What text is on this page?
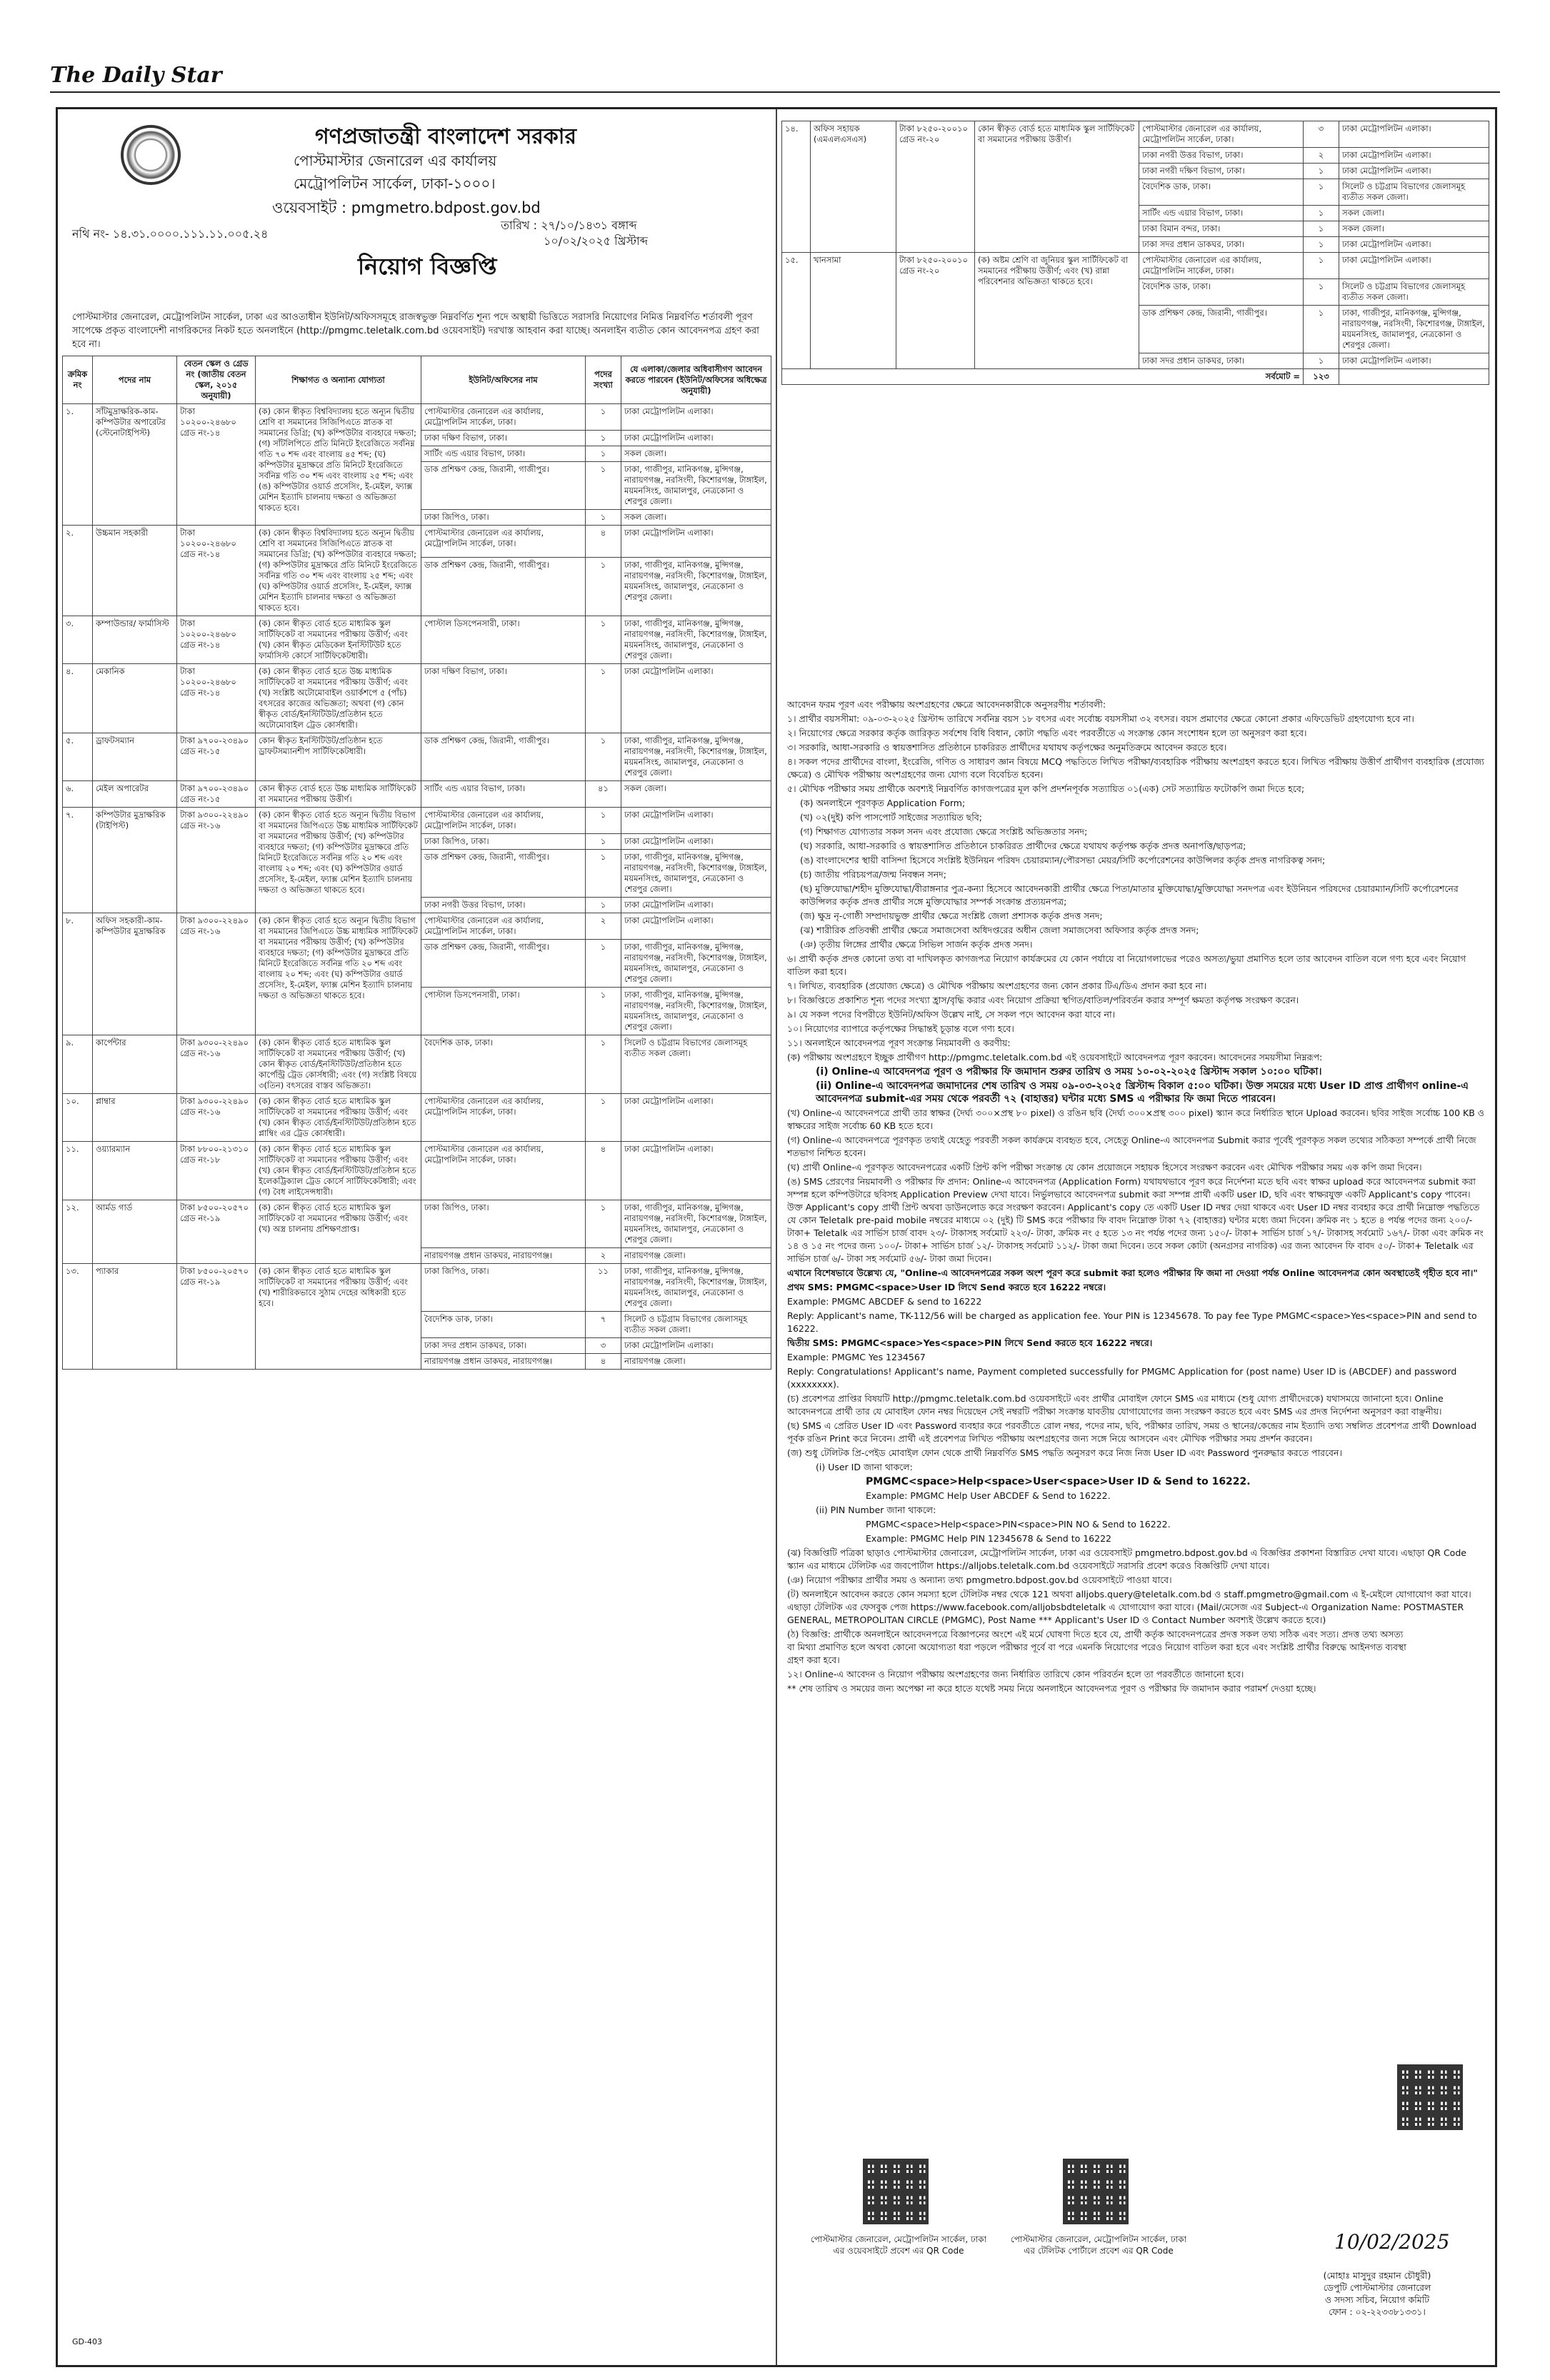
The Daily Star
গণপ্রজাতন্ত্রী বাংলাদেশ সরকার
পোস্টমাস্টার জেনারেল এর কার্যালয়
মেট্রোপলিটন সার্কেল, ঢাকা-১০০০।
ওয়েবসাইট : pmgmetro.bdpost.gov.bd
নথি নং- ১৪.৩১.০০০০.১১১.১১.০০৫.২৪
তারিখ : ২৭/১০/১৪৩১ বঙ্গাব্দ
১০/০২/২০২৫ খ্রিস্টাব্দ
নিয়োগ বিজ্ঞপ্তি
পোস্টমাস্টার জেনারেল, মেট্রোপলিটন সার্কেল, ঢাকা এর আওতাধীন ইউনিট/অফিসসমূহে রাজস্বভুক্ত নিম্নবর্ণিত শূন্য পদে অস্থায়ী ভিত্তিতে সরাসরি নিয়োগের নিমিত্ত নিম্নবর্ণিত শর্তাবলী পূরণ সাপেক্ষে প্রকৃত বাংলাদেশী নাগরিকদের নিকট হতে অনলাইনে (http://pmgmc.teletalk.com.bd ওয়েবসাইট) দরখাস্ত আহবান করা যাচ্ছে। অনলাইন ব্যতীত কোন আবেদনপত্র গ্রহণ করা হবে না।
ক্রমিক নং	পদের নাম	বেতন স্কেল ও গ্রেড নং (জাতীয় বেতন স্কেল, ২০১৫ অনুযায়ী)	শিক্ষাগত ও অন্যান্য যোগ্যতা	ইউনিট/অফিসের নাম	পদের সংখ্যা	যে এলাকা/জেলার অধিবাসীগণ আবেদন করতে পারবেন (ইউনিট/অফিসের অধিক্ষেত্র অনুযায়ী)
১.	সাঁটমুদ্রাক্ষরিক-কাম-কম্পিউটার অপারেটর (স্টেনোটাইপিস্ট)	টাকা ১০২০০-২৪৬৮০ গ্রেড নং-১৪	(ক) কোন স্বীকৃত বিশ্ববিদ্যালয় হতে অন্যূন দ্বিতীয় শ্রেণি বা সমমানের সিজিপিএতে স্নাতক বা সমমানের ডিগ্রি; (খ) কম্পিউটার ব্যবহারে দক্ষতা; (গ) সাঁটলিপিতে প্রতি মিনিটে ইংরেজিতে সর্বনিম্ন গতি ৭০ শব্দ এবং বাংলায় ৪৫ শব্দ; (ঘ) কম্পিউটার মুদ্রাক্ষরে প্রতি মিনিটে ইংরেজিতে সর্বনিম্ন গতি ৩০ শব্দ এবং বাংলায় ২৫ শব্দ; এবং (ঙ) কম্পিউটার ওয়ার্ড প্রসেসিং, ই-মেইল, ফ্যাক্স মেশিন ইত্যাদি চালনায় দক্ষতা ও অভিজ্ঞতা থাকতে হবে।	পোস্টমাস্টার জেনারেল এর কার্যালয়, মেট্রোপলিটন সার্কেল, ঢাকা।	১	ঢাকা মেট্রোপলিটন এলাকা।
				ঢাকা দক্ষিণ বিভাগ, ঢাকা।	১	ঢাকা মেট্রোপলিটন এলাকা।
				সার্টিং এন্ড এয়ার বিভাগ, ঢাকা।	১	সকল জেলা।
				ডাক প্রশিক্ষণ কেন্দ্র, জিরানী, গাজীপুর।	১	ঢাকা, গাজীপুর, মানিকগঞ্জ, মুন্সিগঞ্জ, নারায়ণগঞ্জ, নরসিংদী, কিশোরগঞ্জ, টাঙ্গাইল, ময়মনসিংহ, জামালপুর, নেত্রকোনা ও শেরপুর জেলা।
				ঢাকা জিপিও, ঢাকা।	১	সকল জেলা।
২.	উচ্চমান সহকারী	টাকা ১০২০০-২৪৬৮০ গ্রেড নং-১৪	(ক) কোন স্বীকৃত বিশ্ববিদ্যালয় হতে অন্যূন দ্বিতীয় শ্রেণি বা সমমানের সিজিপিএতে স্নাতক বা সমমানের ডিগ্রি; (খ) কম্পিউটার ব্যবহারে দক্ষতা; (গ) কম্পিউটার মুদ্রাক্ষরে প্রতি মিনিটে ইংরেজিতে সর্বনিম্ন গতি ৩০ শব্দ এবং বাংলায় ২৫ শব্দ; এবং (ঘ) কম্পিউটার ওয়ার্ড প্রসেসিং, ই-মেইল, ফ্যাক্স মেশিন ইত্যাদি চালনার দক্ষতা ও অভিজ্ঞতা থাকতে হবে।	পোস্টমাস্টার জেনারেল এর কার্যালয়, মেট্রোপলিটন সার্কেল, ঢাকা।	৪	ঢাকা মেট্রোপলিটন এলাকা।
				ডাক প্রশিক্ষণ কেন্দ্র, জিরানী, গাজীপুর।	১	ঢাকা, গাজীপুর, মানিকগঞ্জ, মুন্সিগঞ্জ, নারায়ণগঞ্জ, নরসিংদী, কিশোরগঞ্জ, টাঙ্গাইল, ময়মনসিংহ, জামালপুর, নেত্রকোনা ও শেরপুর জেলা।
৩.	কম্পাউন্ডার/ ফার্মাসিস্ট	টাকা ১০২০০-২৪৬৮০ গ্রেড নং-১৪	(ক) কোন স্বীকৃত বোর্ড হতে মাধ্যমিক স্কুল সার্টিফিকেট বা সমমানের পরীক্ষায় উত্তীর্ণ; এবং (খ) কোন স্বীকৃত মেডিকেল ইনস্টিটিউট হতে ফার্মাসিস্ট কোর্সে সার্টিফিকেটধারী।	পোস্টাল ডিসপেনসারী, ঢাকা।	১	ঢাকা, গাজীপুর, মানিকগঞ্জ, মুন্সিগঞ্জ, নারায়ণগঞ্জ, নরসিংদী, কিশোরগঞ্জ, টাঙ্গাইল, ময়মনসিংহ, জামালপুর, নেত্রকোনা ও শেরপুর জেলা।
৪.	মেকানিক	টাকা ১০২০০-২৪৬৮০ গ্রেড নং-১৪	(ক) কোন স্বীকৃত বোর্ড হতে উচ্চ মাধ্যমিক সার্টিফিকেট বা সমমানের পরীক্ষায় উত্তীর্ণ; এবং (খ) সংশ্লিষ্ট অটোমোবাইল ওয়ার্কশপে ৫ (পাঁচ) বৎসরের কাজের অভিজ্ঞতা; অথবা (গ) কোন স্বীকৃত বোর্ড/ইনস্টিটিউট/প্রতিষ্ঠান হতে অটোমোবাইল ট্রেড কোর্সধারী।	ঢাকা দক্ষিণ বিভাগ, ঢাকা।	১	ঢাকা মেট্রোপলিটন এলাকা।
৫.	ড্রাফটসম্যান	টাকা ৯৭০০-২৩৪৯০ গ্রেড নং-১৫	কোন স্বীকৃত ইনস্টিটিউট/প্রতিষ্ঠান হতে ড্রাফটসম্যানশীপ সার্টিফিকেটধারী।	ডাক প্রশিক্ষণ কেন্দ্র, জিরানী, গাজীপুর।	১	ঢাকা, গাজীপুর, মানিকগঞ্জ, মুন্সিগঞ্জ, নারায়ণগঞ্জ, নরসিংদী, কিশোরগঞ্জ, টাঙ্গাইল, ময়মনসিংহ, জামালপুর, নেত্রকোনা ও শেরপুর জেলা।
৬.	মেইল অপারেটর	টাকা ৯৭০০-২৩৪৯০ গ্রেড নং-১৫	কোন স্বীকৃত বোর্ড হতে উচ্চ মাধ্যমিক সার্টিফিকেট বা সমমানের পরীক্ষায় উত্তীর্ণ।	সার্টিং এন্ড এয়ার বিভাগ, ঢাকা।	৪১	সকল জেলা।
৭.	কম্পিউটার মুদ্রাক্ষরিক (টাইপিস্ট)	টাকা ৯৩০০-২২৪৯০ গ্রেড নং-১৬	(ক) কোন স্বীকৃত বোর্ড হতে অন্যূন দ্বিতীয় বিভাগ বা সমমানের জিপিএতে উচ্চ মাধ্যমিক সার্টিফিকেট বা সমমানের পরীক্ষায় উত্তীর্ণ; (খ) কম্পিউটার ব্যবহারে দক্ষতা; (গ) কম্পিউটার মুদ্রাক্ষরে প্রতি মিনিটে ইংরেজিতে সর্বনিম্ন গতি ২০ শব্দ এবং বাংলায় ২০ শব্দ; এবং (ঘ) কম্পিউটার ওয়ার্ড প্রসেসিং, ই-মেইল, ফ্যাক্স মেশিন ইত্যাদি চালনায় দক্ষতা ও অভিজ্ঞতা থাকতে হবে।	পোস্টমাস্টার জেনারেল এর কার্যালয়, মেট্রোপলিটন সার্কেল, ঢাকা।	১	ঢাকা মেট্রোপলিটন এলাকা।
				ঢাকা জিপিও, ঢাকা।	১	ঢাকা মেট্রোপলিটন এলাকা।
				ডাক প্রশিক্ষণ কেন্দ্র, জিরানী, গাজীপুর।	১	ঢাকা, গাজীপুর, মানিকগঞ্জ, মুন্সিগঞ্জ, নারায়ণগঞ্জ, নরসিংদী, কিশোরগঞ্জ, টাঙ্গাইল, ময়মনসিংহ, জামালপুর, নেত্রকোনা ও শেরপুর জেলা।
				ঢাকা নগরী উত্তর বিভাগ, ঢাকা।	১	ঢাকা মেট্রোপলিটন এলাকা।
৮.	অফিস সহকারী-কাম-কম্পিউটার মুদ্রাক্ষরিক	টাকা ৯৩০০-২২৪৯০ গ্রেড নং-১৬	(ক) কোন স্বীকৃত বোর্ড হতে অন্যূন দ্বিতীয় বিভাগ বা সমমানের জিপিএতে উচ্চ মাধ্যমিক সার্টিফিকেট বা সমমানের পরীক্ষায় উত্তীর্ণ; (খ) কম্পিউটার ব্যবহারে দক্ষতা; (গ) কম্পিউটার মুদ্রাক্ষরে প্রতি মিনিটে ইংরেজিতে সর্বনিম্ন গতি ২০ শব্দ এবং বাংলায় ২০ শব্দ; এবং (ঘ) কম্পিউটার ওয়ার্ড প্রসেসিং, ই-মেইল, ফ্যাক্স মেশিন ইত্যাদি চালনায় দক্ষতা ও অভিজ্ঞতা থাকতে হবে।	পোস্টমাস্টার জেনারেল এর কার্যালয়, মেট্রোপলিটন সার্কেল, ঢাকা।	২	ঢাকা মেট্রোপলিটন এলাকা।
				ডাক প্রশিক্ষণ কেন্দ্র, জিরানী, গাজীপুর।	১	ঢাকা, গাজীপুর, মানিকগঞ্জ, মুন্সিগঞ্জ, নারায়ণগঞ্জ, নরসিংদী, কিশোরগঞ্জ, টাঙ্গাইল, ময়মনসিংহ, জামালপুর, নেত্রকোনা ও শেরপুর জেলা।
				পোস্টাল ডিসপেনসারী, ঢাকা।	১	ঢাকা, গাজীপুর, মানিকগঞ্জ, মুন্সিগঞ্জ, নারায়ণগঞ্জ, নরসিংদী, কিশোরগঞ্জ, টাঙ্গাইল, ময়মনসিংহ, জামালপুর, নেত্রকোনা ও শেরপুর জেলা।
৯.	কার্পেন্টার	টাকা ৯৩০০-২২৪৯০ গ্রেড নং-১৬	(ক) কোন স্বীকৃত বোর্ড হতে মাধ্যমিক স্কুল সার্টিফিকেট বা সমমানের পরীক্ষায় উত্তীর্ণ; (খ) কোন স্বীকৃত বোর্ড/ইনস্টিটিউট/প্রতিষ্ঠান হতে কার্পেন্ট্রি ট্রেড কোর্সধারী; এবং (গ) সংশ্লিষ্ট বিষয়ে ৩(তিন) বৎসরের বাস্তব অভিজ্ঞতা।	বৈদেশিক ডাক, ঢাকা।	১	সিলেট ও চট্টগ্রাম বিভাগের জেলাসমূহ ব্যতীত সকল জেলা।
১০.	প্লাম্বার	টাকা ৯৩০০-২২৪৯০ গ্রেড নং-১৬	(ক) কোন স্বীকৃত বোর্ড হতে মাধ্যমিক স্কুল সার্টিফিকেট বা সমমানের পরীক্ষায় উত্তীর্ণ; এবং (খ) কোন স্বীকৃত বোর্ড/ইনস্টিটিউট/প্রতিষ্ঠান হতে প্লাম্বিং এর ট্রেড কোর্সধারী।	পোস্টমাস্টার জেনারেল এর কার্যালয়, মেট্রোপলিটন সার্কেল, ঢাকা।	১	ঢাকা মেট্রোপলিটন এলাকা।
১১.	ওয়্যারম্যান	টাকা ৮৮০০-২১৩১০ গ্রেড নং-১৮	(ক) কোন স্বীকৃত বোর্ড হতে মাধ্যমিক স্কুল সার্টিফিকেট বা সমমানের পরীক্ষায় উত্তীর্ণ; এবং (খ) কোন স্বীকৃত বোর্ড/ইনস্টিটিউট/প্রতিষ্ঠান হতে ইলেকট্রিক্যাল ট্রেড কোর্সে সার্টিফিকেটধারী; এবং (গ) বৈধ লাইসেন্সধারী।	পোস্টমাস্টার জেনারেল এর কার্যালয়, মেট্রোপলিটন সার্কেল, ঢাকা।	৪	ঢাকা মেট্রোপলিটন এলাকা।
১২.	আর্মড গার্ড	টাকা ৮৫০০-২০৫৭০ গ্রেড নং-১৯	(ক) কোন স্বীকৃত বোর্ড হতে মাধ্যমিক স্কুল সার্টিফিকেট বা সমমানের পরীক্ষায় উত্তীর্ণ; এবং (খ) অস্ত্র চালনায় প্রশিক্ষণপ্রাপ্ত।	ঢাকা জিপিও, ঢাকা।	১	ঢাকা, গাজীপুর, মানিকগঞ্জ, মুন্সিগঞ্জ, নারায়ণগঞ্জ, নরসিংদী, কিশোরগঞ্জ, টাঙ্গাইল, ময়মনসিংহ, জামালপুর, নেত্রকোনা ও শেরপুর জেলা।
				নারায়ণগঞ্জ প্রধান ডাকঘর, নারায়ণগঞ্জ।	২	নারায়ণগঞ্জ জেলা।
১৩.	প্যাকার	টাকা ৮৫০০-২০৫৭০ গ্রেড নং-১৯	(ক) কোন স্বীকৃত বোর্ড হতে মাধ্যমিক স্কুল সার্টিফিকেট বা সমমানের পরীক্ষায় উত্তীর্ণ; এবং (খ) শারীরিকভাবে সুঠাম দেহের অধিকারী হতে হবে।	ঢাকা জিপিও, ঢাকা।	১১	ঢাকা, গাজীপুর, মানিকগঞ্জ, মুন্সিগঞ্জ, নারায়ণগঞ্জ, নরসিংদী, কিশোরগঞ্জ, টাঙ্গাইল, ময়মনসিংহ, জামালপুর, নেত্রকোনা ও শেরপুর জেলা।
				বৈদেশিক ডাক, ঢাকা।	৭	সিলেট ও চট্টগ্রাম বিভাগের জেলাসমূহ ব্যতীত সকল জেলা।
				ঢাকা সদর প্রধান ডাকঘর, ঢাকা।	৩	ঢাকা মেট্রোপলিটন এলাকা।
				নারায়ণগঞ্জ প্রধান ডাকঘর, নারায়ণগঞ্জ।	৪	নারায়ণগঞ্জ জেলা।
GD-403
১৪.	অফিস সহায়ক (এমএলএসএস)	টাকা ৮২৫০-২০০১০ গ্রেড নং-২০	কোন স্বীকৃত বোর্ড হতে মাধ্যমিক স্কুল সার্টিফিকেট বা সমমানের পরীক্ষায় উত্তীর্ণ।	পোস্টমাস্টার জেনারেল এর কার্যালয়, মেট্রোপলিটন সার্কেল, ঢাকা।	৩	ঢাকা মেট্রোপলিটন এলাকা।
				ঢাকা নগরী উত্তর বিভাগ, ঢাকা।	২	ঢাকা মেট্রোপলিটন এলাকা।
				ঢাকা নগরী দক্ষিণ বিভাগ, ঢাকা।	১	ঢাকা মেট্রোপলিটন এলাকা।
				বৈদেশিক ডাক, ঢাকা।	১	সিলেট ও চট্টগ্রাম বিভাগের জেলাসমূহ ব্যতীত সকল জেলা।
				সার্টিং এন্ড এয়ার বিভাগ, ঢাকা।	১	সকল জেলা।
				ঢাকা বিমান বন্দর, ঢাকা।	১	সকল জেলা।
				ঢাকা সদর প্রধান ডাকঘর, ঢাকা।	১	ঢাকা মেট্রোপলিটন এলাকা।
১৫.	খানসামা	টাকা ৮২৫০-২০০১০ গ্রেড নং-২০	(ক) অষ্টম শ্রেণি বা জুনিয়র স্কুল সার্টিফিকেট বা সমমানের পরীক্ষায় উত্তীর্ণ; এবং (খ) রান্না পরিবেশনার অভিজ্ঞতা থাকতে হবে।	পোস্টমাস্টার জেনারেল এর কার্যালয়, মেট্রোপলিটন সার্কেল, ঢাকা।	১	ঢাকা মেট্রোপলিটন এলাকা।
				বৈদেশিক ডাক, ঢাকা।	১	সিলেট ও চট্টগ্রাম বিভাগের জেলাসমূহ ব্যতীত সকল জেলা।
				ডাক প্রশিক্ষণ কেন্দ্র, জিরানী, গাজীপুর।	১	ঢাকা, গাজীপুর, মানিকগঞ্জ, মুন্সিগঞ্জ, নারায়ণগঞ্জ, নরসিংদী, কিশোরগঞ্জ, টাঙ্গাইল, ময়মনসিংহ, জামালপুর, নেত্রকোনা ও শেরপুর জেলা।
				ঢাকা সদর প্রধান ডাকঘর, ঢাকা।	১	ঢাকা মেট্রোপলিটন এলাকা।
সর্বমোট =					১২৩	

আবেদন ফরম পূরণ এবং পরীক্ষায় অংশগ্রহণের ক্ষেত্রে আবেদনকারীকে অনুসরণীয় শর্তাবলী:

১। প্রার্থীর বয়সসীমা: ০৯-০৩-২০২৫ খ্রিস্টাব্দ তারিখে সর্বনিম্ন বয়স ১৮ বৎসর এবং সর্বোচ্চ বয়সসীমা ৩২ বৎসর। বয়স প্রমাণের ক্ষেত্রে কোনো প্রকার এফিডেভিট গ্রহণযোগ্য হবে না।

২। নিয়োগের ক্ষেত্রে সরকার কর্তৃক জারিকৃত সর্বশেষ বিধি বিধান, কোটা পদ্ধতি এবং পরবর্তীতে এ সংক্রান্ত কোন সংশোধন হলে তা অনুসরণ করা হবে।

৩। সরকারি, আধা-সরকারি ও স্বায়ত্তশাসিত প্রতিষ্ঠানে চাকরিরত প্রার্থীদের যথাযথ কর্তৃপক্ষের অনুমতিক্রমে আবেদন করতে হবে।

৪। সকল পদের প্রার্থীদের বাংলা, ইংরেজি, গণিত ও সাধারণ জ্ঞান বিষয়ে MCQ পদ্ধতিতে লিখিত পরীক্ষা/ব্যবহারিক পরীক্ষায় অংশগ্রহণ করতে হবে। লিখিত পরীক্ষায় উত্তীর্ণ প্রার্থীগণ ব্যবহারিক (প্রযোজ্য ক্ষেত্রে) ও মৌখিক পরীক্ষায় অংশগ্রহণের জন্য যোগ্য বলে বিবেচিত হবেন।

৫। মৌখিক পরীক্ষার সময় প্রার্থীকে অবশ্যই নিম্নবর্ণিত কাগজপত্রের মূল কপি প্রদর্শনপূর্বক সত্যায়িত ০১(এক) সেট সত্যায়িত ফটোকপি জমা দিতে হবে;

(ক) অনলাইনে পূরণকৃত Application Form;

(খ) ০২(দুই) কপি পাসপোর্ট সাইজের সত্যায়িত ছবি;

(গ) শিক্ষাগত যোগ্যতার সকল সনদ এবং প্রযোজ্য ক্ষেত্রে সংশ্লিষ্ট অভিজ্ঞতার সনদ;

(ঘ) সরকারি, আধা-সরকারি ও স্বায়ত্তশাসিত প্রতিষ্ঠানে চাকরিরত প্রার্থীদের ক্ষেত্রে যথাযথ কর্তৃপক্ষ কর্তৃক প্রদত্ত অনাপত্তি/ছাড়পত্র;

(ঙ) বাংলাদেশের স্থায়ী বাসিন্দা হিসেবে সংশ্লিষ্ট ইউনিয়ন পরিষদ চেয়ারম্যান/পৌরসভা মেয়র/সিটি কর্পোরেশনের কাউন্সিলর কর্তৃক প্রদত্ত নাগরিকত্ব সনদ;

(চ) জাতীয় পরিচয়পত্র/জন্ম নিবন্ধন সনদ;

(ছ) মুক্তিযোদ্ধা/শহীদ মুক্তিযোদ্ধা/বীরাঙ্গনার পুত্র-কন্যা হিসেবে আবেদনকারী প্রার্থীর ক্ষেত্রে পিতা/মাতার মুক্তিযোদ্ধা/মুক্তিযোদ্ধা সনদপত্র এবং ইউনিয়ন পরিষদের চেয়ারম্যান/সিটি কর্পোরেশনের কাউন্সিলর কর্তৃক প্রদত্ত প্রার্থীর সঙ্গে মুক্তিযোদ্ধার সম্পর্ক সংক্রান্ত প্রত্যয়নপত্র;

(জ) ক্ষুদ্র নৃ-গোষ্ঠী সম্প্রদায়ভুক্ত প্রার্থীর ক্ষেত্রে সংশ্লিষ্ট জেলা প্রশাসক কর্তৃক প্রদত্ত সনদ;

(ঝ) শারীরিক প্রতিবন্ধী প্রার্থীর ক্ষেত্রে সমাজসেবা অধিদপ্তরের অধীন জেলা সমাজসেবা অফিসার কর্তৃক প্রদত্ত সনদ;

(ঞ) তৃতীয় লিঙ্গের প্রার্থীর ক্ষেত্রে সিভিল সার্জন কর্তৃক প্রদত্ত সনদ।

৬। প্রার্থী কর্তৃক প্রদত্ত কোনো তথ্য বা দাখিলকৃত কাগজপত্র নিয়োগ কার্যক্রমের যে কোন পর্যায়ে বা নিয়োগলাভের পরেও অসত্য/ভুয়া প্রমাণিত হলে তার আবেদন বাতিল বলে গণ্য হবে এবং নিয়োগ বাতিল করা হবে।

৭। লিখিত, ব্যবহারিক (প্রযোজ্য ক্ষেত্রে) ও মৌখিক পরীক্ষায় অংশগ্রহণের জন্য কোন প্রকার টিএ/ডিএ প্রদান করা হবে না।

৮। বিজ্ঞপ্তিতে প্রকাশিত শূন্য পদের সংখ্যা হ্রাস/বৃদ্ধি করার এবং নিয়োগ প্রক্রিয়া স্থগিত/বাতিল/পরিবর্তন করার সম্পূর্ণ ক্ষমতা কর্তৃপক্ষ সংরক্ষণ করেন।

৯। যে সকল পদের বিপরীতে ইউনিট/অফিস উল্লেখ নাই, সে সকল পদে আবেদন করা যাবে না।

১০। নিয়োগের ব্যাপারে কর্তৃপক্ষের সিদ্ধান্তই চূড়ান্ত বলে গণ্য হবে।

১১। অনলাইনে আবেদনপত্র পূরণ সংক্রান্ত নিয়মাবলী ও করণীয়:

(ক) পরীক্ষায় অংশগ্রহণে ইচ্ছুক প্রার্থীগণ http://pmgmc.teletalk.com.bd এই ওয়েবসাইটে আবেদনপত্র পূরণ করবেন। আবেদনের সময়সীমা নিম্নরূপ:

(i) Online-এ আবেদনপত্র পূরণ ও পরীক্ষার ফি জমাদান শুরুর তারিখ ও সময় ১০-০২-২০২৫ খ্রিস্টাব্দ সকাল ১০:০০ ঘটিকা।

(ii) Online-এ আবেদনপত্র জমাদানের শেষ তারিখ ও সময় ০৯-০৩-২০২৫ খ্রিস্টাব্দ বিকাল ৫:০০ ঘটিকা। উক্ত সময়ের মধ্যে User ID প্রাপ্ত প্রার্থীগণ online-এ আবেদনপত্র submit-এর সময় থেকে পরবর্তী ৭২ (বাহাত্তর) ঘন্টার মধ্যে SMS এ পরীক্ষার ফি জমা দিতে পারবেন।

(খ) Online-এ আবেদনপত্রে প্রার্থী তার স্বাক্ষর (দৈর্ঘ্য ৩০০×প্রস্থ ৮০ pixel) ও রঙিন ছবি (দৈর্ঘ্য ৩০০×প্রস্থ ৩০০ pixel) স্ক্যান করে নির্ধারিত স্থানে Upload করবেন। ছবির সাইজ সর্বোচ্চ 100 KB ও স্বাক্ষরের সাইজ সর্বোচ্চ 60 KB হতে হবে।

(গ) Online-এ আবেদনপত্রে পূরণকৃত তথ্যই যেহেতু পরবর্তী সকল কার্যক্রমে ব্যবহৃত হবে, সেহেতু Online-এ আবেদনপত্র Submit করার পূর্বেই পূরণকৃত সকল তথ্যের সঠিকতা সম্পর্কে প্রার্থী নিজে শতভাগ নিশ্চিত হবেন।

(ঘ) প্রার্থী Online-এ পূরণকৃত আবেদনপত্রের একটি প্রিন্ট কপি পরীক্ষা সংক্রান্ত যে কোন প্রয়োজনে সহায়ক হিসেবে সংরক্ষণ করবেন এবং মৌখিক পরীক্ষার সময় এক কপি জমা দিবেন।

(ঙ) SMS প্রেরণের নিয়মাবলী ও পরীক্ষার ফি প্রদান: Online-এ আবেদনপত্র (Application Form) যথাযথভাবে পূরণ করে নির্দেশনা মতে ছবি এবং স্বাক্ষর upload করে আবেদনপত্র submit করা সম্পন্ন হলে কম্পিউটারে ছবিসহ Application Preview দেখা যাবে। নির্ভুলভাবে আবেদনপত্র submit করা সম্পন্ন প্রার্থী একটি user ID, ছবি এবং স্বাক্ষরযুক্ত একটি Applicant's copy পাবেন। উক্ত Applicant's copy প্রার্থী প্রিন্ট অথবা ডাউনলোড করে সংরক্ষণ করবেন। Applicant's copy তে একটি User ID নম্বর দেয়া থাকবে এবং User ID নম্বর ব্যবহার করে প্রার্থী নিম্নোক্ত পদ্ধতিতে যে কোন Teletalk pre-paid mobile নম্বরের মাধ্যমে ০২ (দুই) টি SMS করে পরীক্ষার ফি বাবদ নিম্নোক্ত টাকা ৭২ (বাহাত্তর) ঘন্টার মধ্যে জমা দিবেন। ক্রমিক নং ১ হতে ৪ পর্যন্ত পদের জন্য ২০০/- টাকা+ Teletalk এর সার্ভিস চার্জ বাবদ ২৩/- টাকাসহ সর্বমোট ২২৩/- টাকা, ক্রমিক নং ৫ হতে ১৩ নং পর্যন্ত পদের জন্য ১৫০/- টাকা+ সার্ভিস চার্জ ১৭/- টাকাসহ সর্বমোট ১৬৭/- টাকা এবং ক্রমিক নং ১৪ ও ১৫ নং পদের জন্য ১০০/- টাকা+ সার্ভিস চার্জ ১২/- টাকাসহ সর্বমোট ১১২/- টাকা জমা দিবেন। তবে সকল কোটা (অনগ্রসর নাগরিক) এর জন্য আবেদন ফি বাবদ ৫০/- টাকা+ Teletalk এর সার্ভিস চার্জ ৬/- টাকা সহ সর্বমোট ৫৬/- টাকা জমা দিবেন।

এখানে বিশেষভাবে উল্লেখ্য যে, "Online-এ আবেদনপত্রের সকল অংশ পূরণ করে submit করা হলেও পরীক্ষার ফি জমা না দেওয়া পর্যন্ত Online আবেদনপত্র কোন অবস্থাতেই গৃহীত হবে না।"

প্রথম SMS: PMGMC<space>User ID লিখে Send করতে হবে 16222 নম্বরে।

Example: PMGMC ABCDEF & send to 16222

Reply: Applicant's name, TK-112/56 will be charged as application fee. Your PIN is 12345678. To pay fee Type PMGMC<space>Yes<space>PIN and send to 16222.

দ্বিতীয় SMS: PMGMC<space>Yes<space>PIN লিখে Send করতে হবে 16222 নম্বরে।

Example: PMGMC Yes 1234567

Reply: Congratulations! Applicant's name, Payment completed successfully for PMGMC Application for (post name) User ID is (ABCDEF) and password (xxxxxxxx).

(চ) প্রবেশপত্র প্রাপ্তির বিষয়টি http://pmgmc.teletalk.com.bd ওয়েবসাইটে এবং প্রার্থীর মোবাইল ফোনে SMS এর মাধ্যমে (শুধু যোগ্য প্রার্থীদেরকে) যথাসময়ে জানানো হবে। Online আবেদনপত্রে প্রার্থী তার যে মোবাইল ফোন নম্বর দিয়েছেন সেই নম্বরটি পরীক্ষা সংক্রান্ত যাবতীয় যোগাযোগের জন্য সংরক্ষণ করতে হবে এবং SMS এর প্রদত্ত নির্দেশনা অনুসরণ করা বাঞ্ছনীয়।

(ছ) SMS এ প্রেরিত User ID এবং Password ব্যবহার করে পরবর্তীতে রোল নম্বর, পদের নাম, ছবি, পরীক্ষার তারিখ, সময় ও স্থানের/কেন্দ্রের নাম ইত্যাদি তথ্য সম্বলিত প্রবেশপত্র প্রার্থী Download পূর্বক রঙিন Print করে নিবেন। প্রার্থী এই প্রবেশপত্র লিখিত পরীক্ষায় অংশগ্রহণের জন্য সঙ্গে নিয়ে আসবেন এবং মৌখিক পরীক্ষার সময় প্রদর্শন করবেন।

(জ) শুধু টেলিটক প্রি-পেইড মোবাইল ফোন থেকে প্রার্থী নিম্নবর্ণিত SMS পদ্ধতি অনুসরণ করে নিজ নিজ User ID এবং Password পুনরুদ্ধার করতে পারবেন।

(i) User ID জানা থাকলে:

PMGMC<space>Help<space>User<space>User ID & Send to 16222.

Example: PMGMC Help User ABCDEF & Send to 16222.

(ii) PIN Number জানা থাকলে:

PMGMC<space>Help<space>PIN<space>PIN NO & Send to 16222.

Example: PMGMC Help PIN 12345678 & Send to 16222

(ঝ) বিজ্ঞপ্তিটি পত্রিকা ছাড়াও পোস্টমাস্টার জেনারেল, মেট্রোপলিটন সার্কেল, ঢাকা এর ওয়েবসাইট pmgmetro.bdpost.gov.bd এ বিজ্ঞপ্তির প্রকাশনা বিস্তারিত দেখা যাবে। এছাড়া QR Code স্ক্যান এর মাধ্যমে টেলিটক এর জবপোর্টাল https://alljobs.teletalk.com.bd ওয়েবসাইটে সরাসরি প্রবেশ করেও বিজ্ঞপ্তিটি দেখা যাবে।

(ঞ) নিয়োগ পরীক্ষার প্রার্থীর সময় ও অন্যান্য তথ্য pmgmetro.bdpost.gov.bd ওয়েবসাইটে পাওয়া যাবে।

(ট) অনলাইনে আবেদন করতে কোন সমস্যা হলে টেলিটক নম্বর থেকে 121 অথবা alljobs.query@teletalk.com.bd ও staff.pmgmetro@gmail.com এ ই-মেইলে যোগাযোগ করা যাবে। এছাড়া টেলিটক এর ফেসবুক পেজ https://www.facebook.com/alljobsbdteletalk এ যোগাযোগ করা যাবে। (Mail/মেসেজ এর Subject-এ Organization Name: POSTMASTER GENERAL, METROPOLITAN CIRCLE (PMGMC), Post Name *** Applicant's User ID ও Contact Number অবশ্যই উল্লেখ করতে হবে।)

(ঠ) বিজ্ঞপ্তি: প্রার্থীকে অনলাইনে আবেদনপত্রে বিজ্ঞাপনের অংশে এই মর্মে ঘোষণা দিতে হবে যে, প্রার্থী কর্তৃক আবেদনপত্রের প্রদত্ত সকল তথ্য সঠিক এবং সত্য। প্রদত্ত তথ্য অসত্য বা মিথ্যা প্রমাণিত হলে অথবা কোনো অযোগ্যতা ধরা পড়লে পরীক্ষার পূর্বে বা পরে এমনকি নিয়োগের পরেও নিয়োগ বাতিল করা হবে এবং সংশ্লিষ্ট প্রার্থীর বিরুদ্ধে আইনগত ব্যবস্থা গ্রহণ করা হবে।

১২। Online-এ আবেদন ও নিয়োগ পরীক্ষায় অংশগ্রহণের জন্য নির্ধারিত তারিখে কোন পরিবর্তন হলে তা পরবর্তীতে জানানো হবে।

** শেষ তারিখ ও সময়ের জন্য অপেক্ষা না করে হাতে যথেষ্ট সময় নিয়ে অনলাইনে আবেদনপত্র পূরণ ও পরীক্ষার ফি জমাদান করার পরামর্শ দেওয়া হচ্ছে।

পোস্টমাস্টার জেনারেল, মেট্রোপলিটন সার্কেল, ঢাকা এর ওয়েবসাইটে প্রবেশ এর QR Code
পোস্টমাস্টার জেনারেল, মেট্রোপলিটন সার্কেল, ঢাকা এর টেলিটক পোর্টালে প্রবেশ এর QR Code	10/02/2025
(মোহাঃ মাসুদুর রহমান চৌধুরী)
ডেপুটি পোস্টমাস্টার জেনারেল
ও সদস্য সচিব, নিয়োগ কমিটি
ফোন : ০২-২২৩৩৮১৩৩১।
